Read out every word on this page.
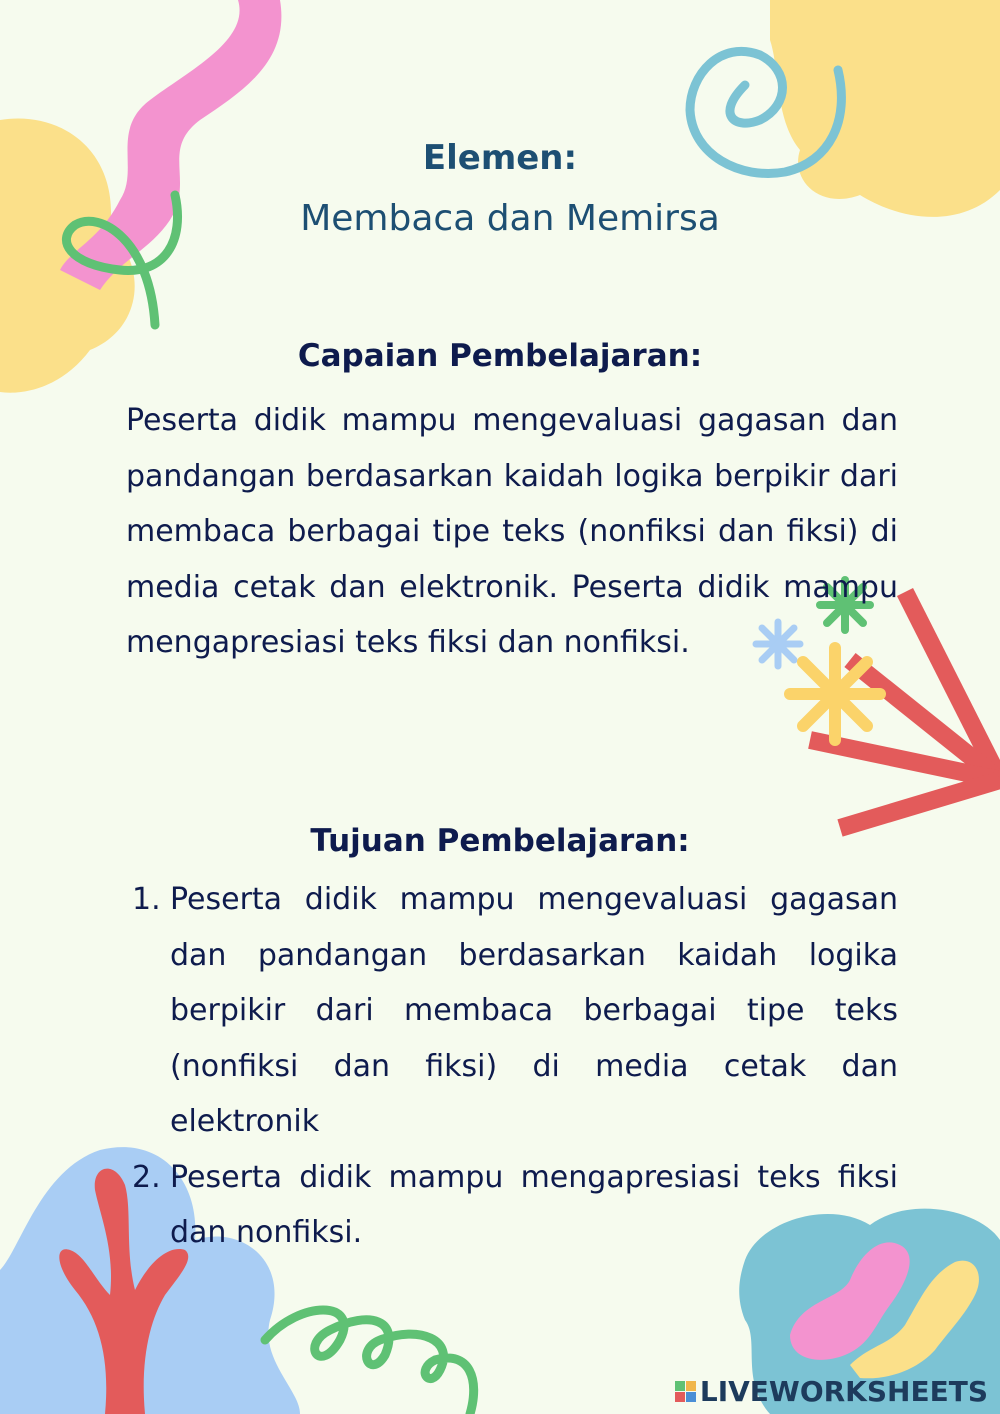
Elemen:
Membaca dan Memirsa
Capaian Pembelajaran:

Peserta didik mampu mengevaluasi gagasan dan pandangan berdasarkan kaidah logika berpikir dari membaca berbagai tipe teks (nonfiksi dan fiksi) di media cetak dan elektronik. Peserta didik mampu mengapresiasi teks fiksi dan nonfiksi.

Tujuan Pembelajaran:
1. Peserta didik mampu mengevaluasi gagasan dan pandangan berdasarkan kaidah logika berpikir dari membaca berbagai tipe teks (nonfiksi dan fiksi) di media cetak dan elektronik
2. Peserta didik mampu mengapresiasi teks fiksi dan nonfiksi.
LIVEWORKSHEETS
